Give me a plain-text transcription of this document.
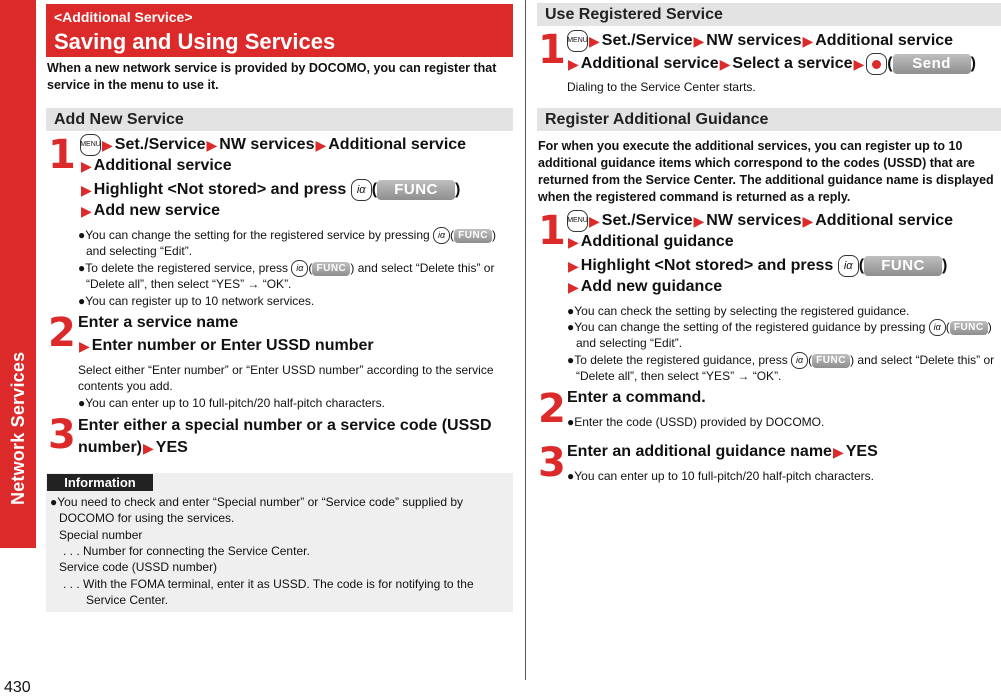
Network Services
430
<Additional Service>
Saving and Using Services
When a new network service is provided by DOCOMO, you can register that service in the menu to use it.
Add New Service
1 MENU ▶ Set./Service ▶ NW services ▶ Additional service
▶ Additional service
▶ Highlight <Not stored> and press
iα (	FUNC	)
▶ Add new service
●You can change the setting for the registered service by pressing iα ( FUNC )
and selecting “Edit”.
●To delete the registered service, press iα ( FUNC ) and select “Delete this” or
“Delete all”, then select “YES” → “OK”.
●You can register up to 10 network services.
2 Enter a service name
▶ Enter number or Enter USSD number
Select either “Enter number” or “Enter USSD number” according to the service
contents you add.
●You can enter up to 10 full-pitch/20 half-pitch characters.
3 Enter either a special number or a service code (USSD
number) ▶ YES
Information
●You need to check and enter “Special number” or “Service code” supplied by
DOCOMO for using the services.
Special number
. . . Number for connecting the Service Center.
Service code (USSD number)
. . . With the FOMA terminal, enter it as USSD. The code is for notifying to the
Service Center.
Use Registered Service
1 MENU ▶ Set./Service ▶ NW services ▶ Additional service
▶ Additional service ▶ Select a service ▶ (	Send	)
Dialing to the Service Center starts.
Register Additional Guidance
For when you execute the additional services, you can register up to 10 additional guidance items which correspond to the codes (USSD) that are returned from the Service Center. The additional guidance name is displayed when the registered command is returned as a reply.
1 MENU ▶ Set./Service ▶ NW services ▶ Additional service
▶ Additional guidance
▶ Highlight <Not stored> and press
iα (	FUNC	)
▶ Add new guidance
●You can check the setting by selecting the registered guidance.
●You can change the setting of the registered guidance by pressing iα ( FUNC )
and selecting “Edit”.
●To delete the registered guidance, press iα ( FUNC ) and select “Delete this” or
“Delete all”, then select “YES” → “OK”.
2 Enter a command.
●Enter the code (USSD) provided by DOCOMO.
3 Enter an additional guidance name ▶ YES
●You can enter up to 10 full-pitch/20 half-pitch characters.
